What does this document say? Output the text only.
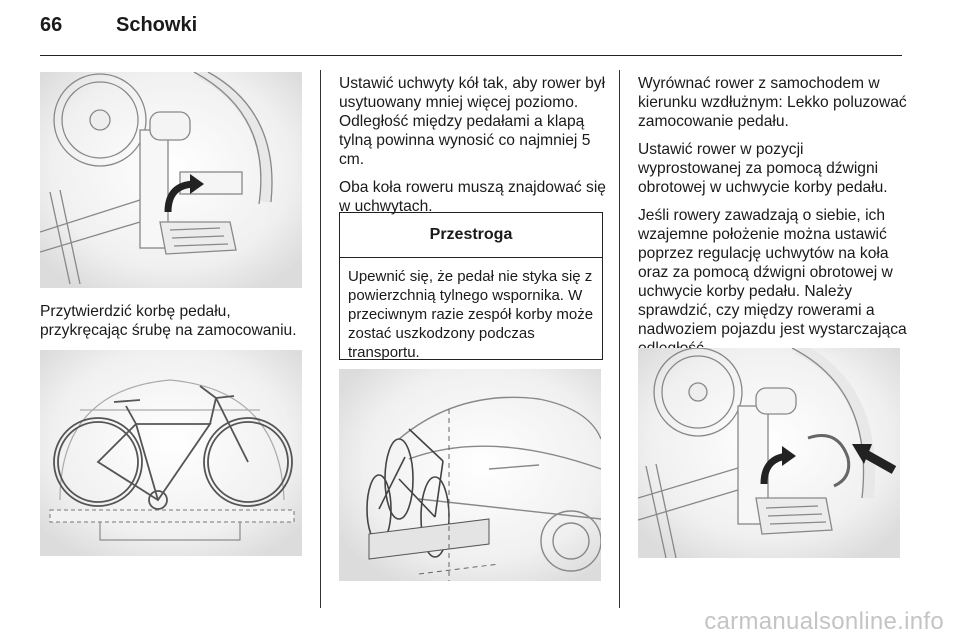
66	Schowki
Przytwierdzić korbę pedału, przykręcając śrubę na zamocowaniu.

Ustawić uchwyty kół tak, aby rower był usytuowany mniej więcej poziomo. Odległość między pedałami a klapą tylną powinna wynosić co najmniej 5 cm.

Oba koła roweru muszą znajdować się w uchwytach.

Przestroga
Upewnić się, że pedał nie styka się z powierzchnią tylnego wspornika. W przeciwnym razie zespół korby może zostać uszkodzony podczas transportu.

Wyrównać rower z samochodem w kierunku wzdłużnym: Lekko poluzować zamocowanie pedału.

Ustawić rower w pozycji wyprostowanej za pomocą dźwigni obrotowej w uchwycie korby pedału.

Jeśli rowery zawadzają o siebie, ich wzajemne położenie można ustawić poprzez regulację uchwytów na koła oraz za pomocą dźwigni obrotowej w uchwycie korby pedału. Należy sprawdzić, czy między rowerami a nadwoziem pojazdu jest wystarczająca

carmanualsonline.info
